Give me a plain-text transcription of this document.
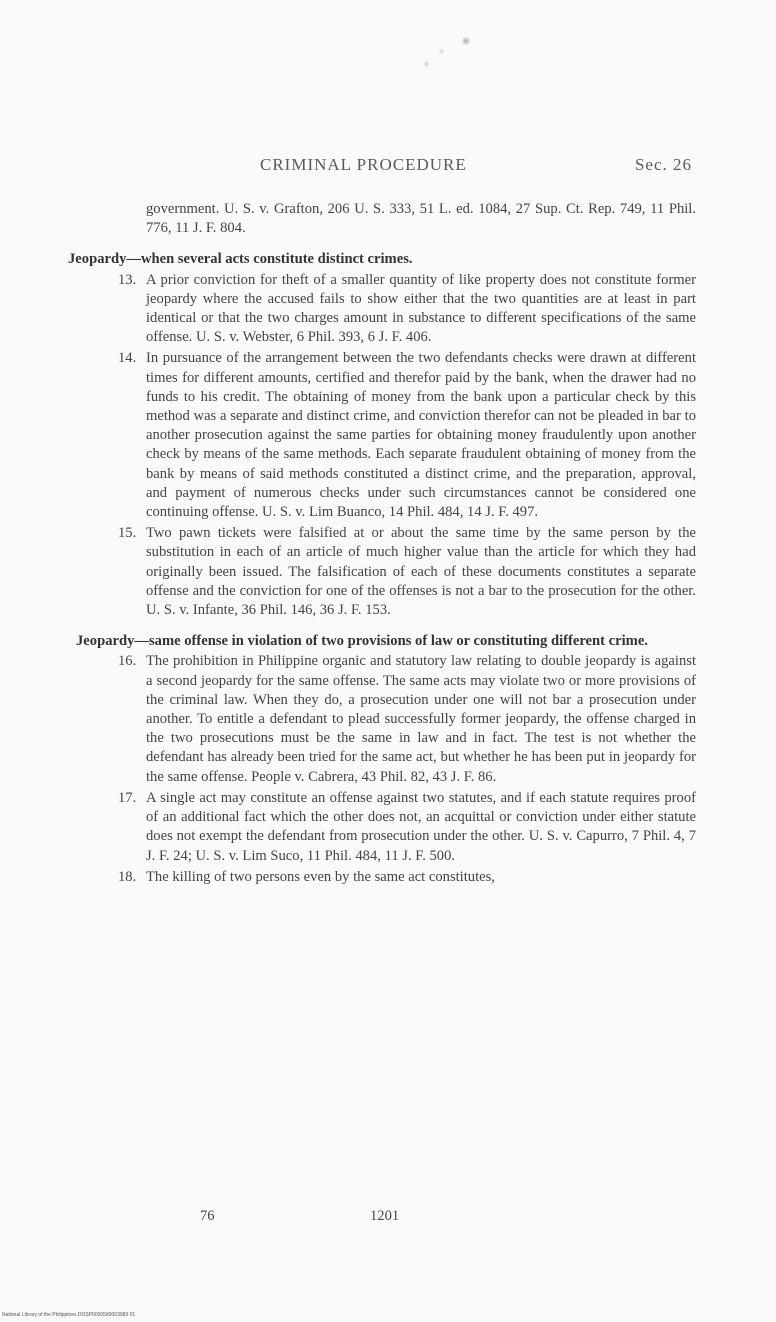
CRIMINAL PROCEDURE	Sec. 26

government. U. S. v. Grafton, 206 U. S. 333, 51 L. ed. 1084, 27 Sup. Ct. Rep. 749, 11 Phil. 776, 11 J. F. 804.

Jeopardy—when several acts constitute distinct crimes.

13. A prior conviction for theft of a smaller quantity of like property does not constitute former jeopardy where the accused fails to show either that the two quantities are at least in part identical or that the two charges amount in substance to different specifications of the same offense. U. S. v. Webster, 6 Phil. 393, 6 J. F. 406.

14. In pursuance of the arrangement between the two defendants checks were drawn at different times for different amounts, certified and therefor paid by the bank, when the drawer had no funds to his credit. The obtaining of money from the bank upon a particular check by this method was a separate and distinct crime, and conviction therefor can not be pleaded in bar to another prosecution against the same parties for obtaining money fraudulently upon another check by means of the same methods. Each separate fraudulent obtaining of money from the bank by means of said methods constituted a distinct crime, and the preparation, approval, and payment of numerous checks under such circumstances cannot be considered one continuing offense. U. S. v. Lim Buanco, 14 Phil. 484, 14 J. F. 497.

15. Two pawn tickets were falsified at or about the same time by the same person by the substitution in each of an article of much higher value than the article for which they had originally been issued. The falsification of each of these documents constitutes a separate offense and the conviction for one of the offenses is not a bar to the prosecution for the other. U. S. v. Infante, 36 Phil. 146, 36 J. F. 153.

Jeopardy—same offense in violation of two provisions of law or constituting different crime.

16. The prohibition in Philippine organic and statutory law relating to double jeopardy is against a second jeopardy for the same offense. The same acts may violate two or more provisions of the criminal law. When they do, a prosecution under one will not bar a prosecution under another. To entitle a defendant to plead successfully former jeopardy, the offense charged in the two prosecutions must be the same in law and in fact. The test is not whether the defendant has already been tried for the same act, but whether he has been put in jeopardy for the same offense. People v. Cabrera, 43 Phil. 82, 43 J. F. 86.

17. A single act may constitute an offense against two statutes, and if each statute requires proof of an additional fact which the other does not, an acquittal or conviction under either statute does not exempt the defendant from prosecution under the other. U. S. v. Capurro, 7 Phil. 4, 7 J. F. 24; U. S. v. Lim Suco, 11 Phil. 484, 11 J. F. 500.

18. The killing of two persons even by the same act constitutes,

76	1201
National Library of the Philippines DOSP0000589003983 01
